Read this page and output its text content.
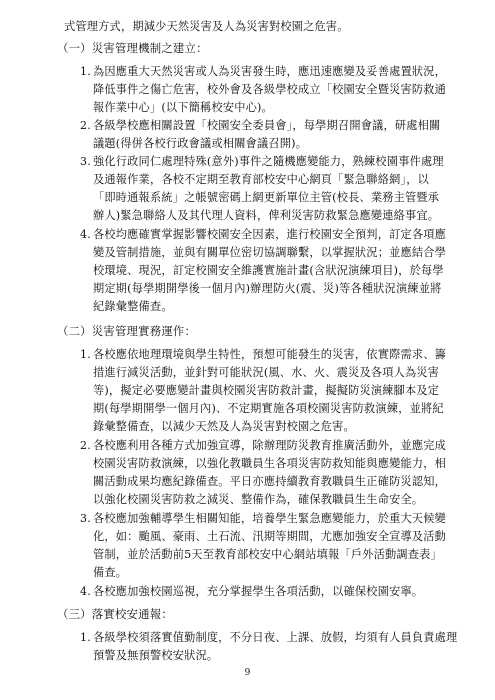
式管理方式，期減少天然災害及人為災害對校園之危害。
（一）災害管理機制之建立：
1. 為因應重大天然災害或人為災害發生時，應迅速應變及妥善處置狀況，
降低事件之傷亡危害，校外會及各級學校成立「校園安全暨災害防救通
報作業中心」(以下簡稱校安中心)。
2. 各級學校應相關設置「校園安全委員會」，每學期召開會議，研處相關
議題(得併各校行政會議或相關會議召開)。
3. 強化行政同仁處理特殊(意外)事件之隨機應變能力，熟練校園事件處理
及通報作業，各校不定期至教育部校安中心網頁「緊急聯絡網」，以
「即時通報系統」之帳號密碼上網更新單位主管(校長、業務主管暨承
辦人)緊急聯絡人及其代理人資料，俾利災害防救緊急應變連絡事宜。
4. 各校均應確實掌握影響校園安全因素，進行校園安全預判，訂定各項應
變及管制措施，並與有關單位密切協調聯繫，以掌握狀況；並應結合學
校環境、現況，訂定校園安全維護實施計畫(含狀況演練項目)，於每學
期定期(每學期開學後一個月內)辦理防火(震、災)等各種狀況演練並將
紀錄彙整備查。
（二）災害管理實務運作：
1. 各校應依地理環境與學生特性，預想可能發生的災害，依實際需求、籌
措進行減災活動，並針對可能狀況(風、水、火、震災及各項人為災害
等)，擬定必要應變計畫與校園災害防救計畫，擬擬防災演練腳本及定
期(每學期開學一個月內)、不定期實施各項校園災害防救演練，並將紀
錄彙整備查，以減少天然及人為災害對校園之危害。
2. 各校應利用各種方式加強宣導，除辦理防災教育推廣活動外，並應完成
校園災害防救演練，以強化教職員生各項災害防救知能與應變能力，相
關活動成果均應紀錄備查。平日亦應持續教育教職員生正確防災認知，
以強化校園災害防救之減災、整備作為，確保教職員生生命安全。
3. 各校應加強輔導學生相關知能，培養學生緊急應變能力，於重大天候變
化，如：颱風、豪雨、土石流、汛期等期間，尤應加強安全宣導及活動
管制，並於活動前5天至教育部校安中心網站填報「戶外活動調查表」
備查。
4. 各校應加強校園巡視，充分掌握學生各項活動，以確保校園安寧。
（三）落實校安通報：
1. 各級學校須落實值勤制度，不分日夜、上課、放假，均須有人員負責處理
預警及無預警校安狀況。
9
